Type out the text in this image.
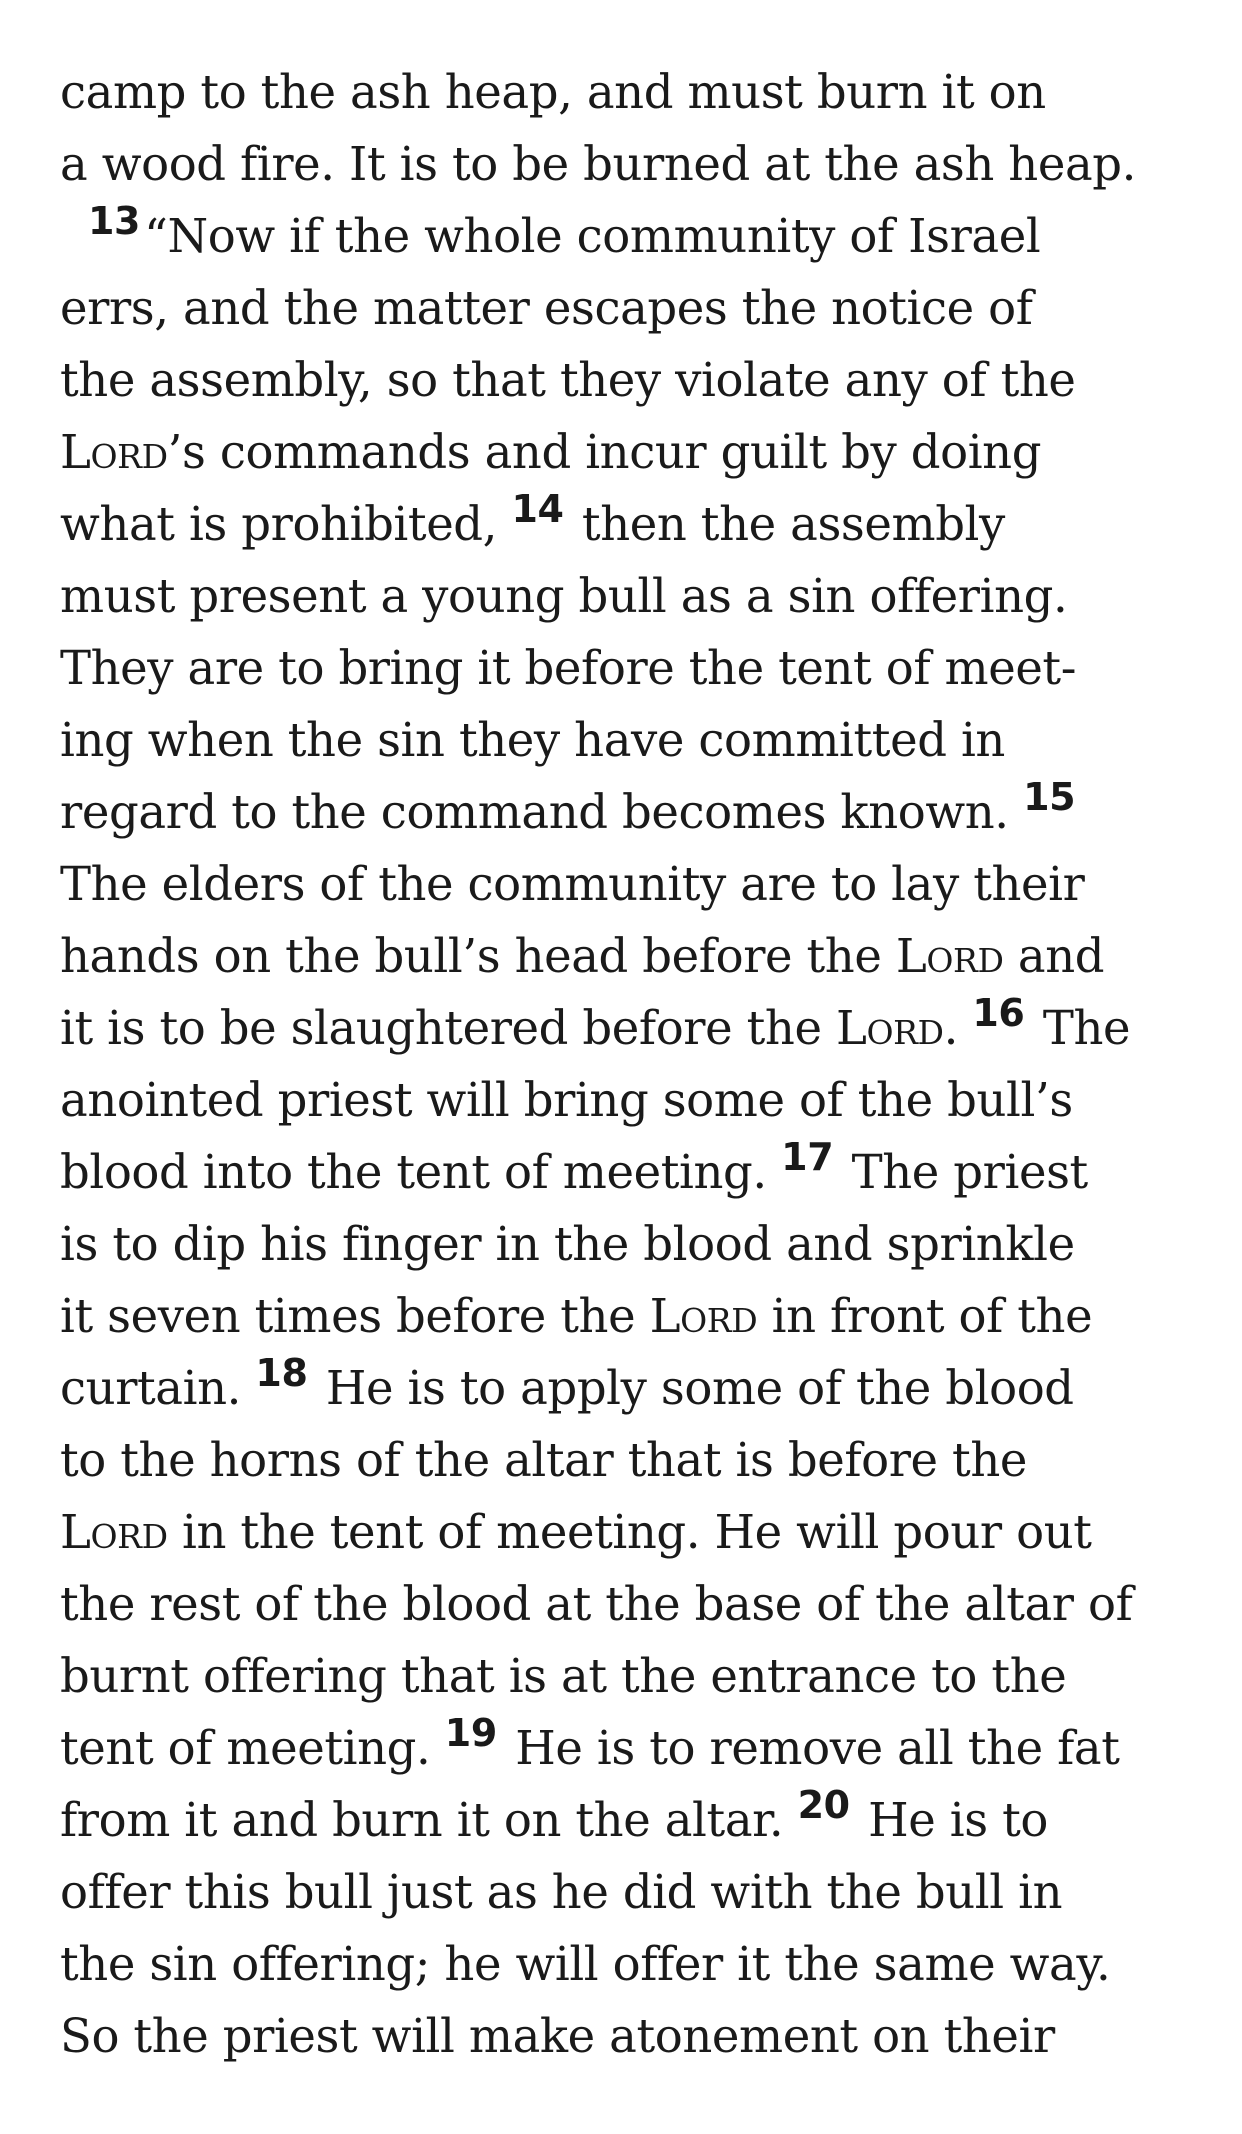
camp to the ash heap, and must burn it on
a wood fire. It is to be burned at the ash heap.
$^{13}$“Now if the whole community of Israel
errs, and the matter escapes the notice of
the assembly, so that they violate any of the
Lord’s commands and incur guilt by doing
what is prohibited, $^{14}$ then the assembly
must present a young bull as a sin offering.
They are to bring it before the tent of meet-
ing when the sin they have committed in
regard to the command becomes known. $^{15}$
The elders of the community are to lay their
hands on the bull’s head before the Lord and
it is to be slaughtered before the Lord. $^{16}$ The
anointed priest will bring some of the bull’s
blood into the tent of meeting. $^{17}$ The priest
is to dip his finger in the blood and sprinkle
it seven times before the Lord in front of the
curtain. $^{18}$ He is to apply some of the blood
to the horns of the altar that is before the
Lord in the tent of meeting. He will pour out
the rest of the blood at the base of the altar of
burnt offering that is at the entrance to the
tent of meeting. $^{19}$ He is to remove all the fat
from it and burn it on the altar. $^{20}$ He is to
offer this bull just as he did with the bull in
the sin offering; he will offer it the same way.
So the priest will make atonement on their
